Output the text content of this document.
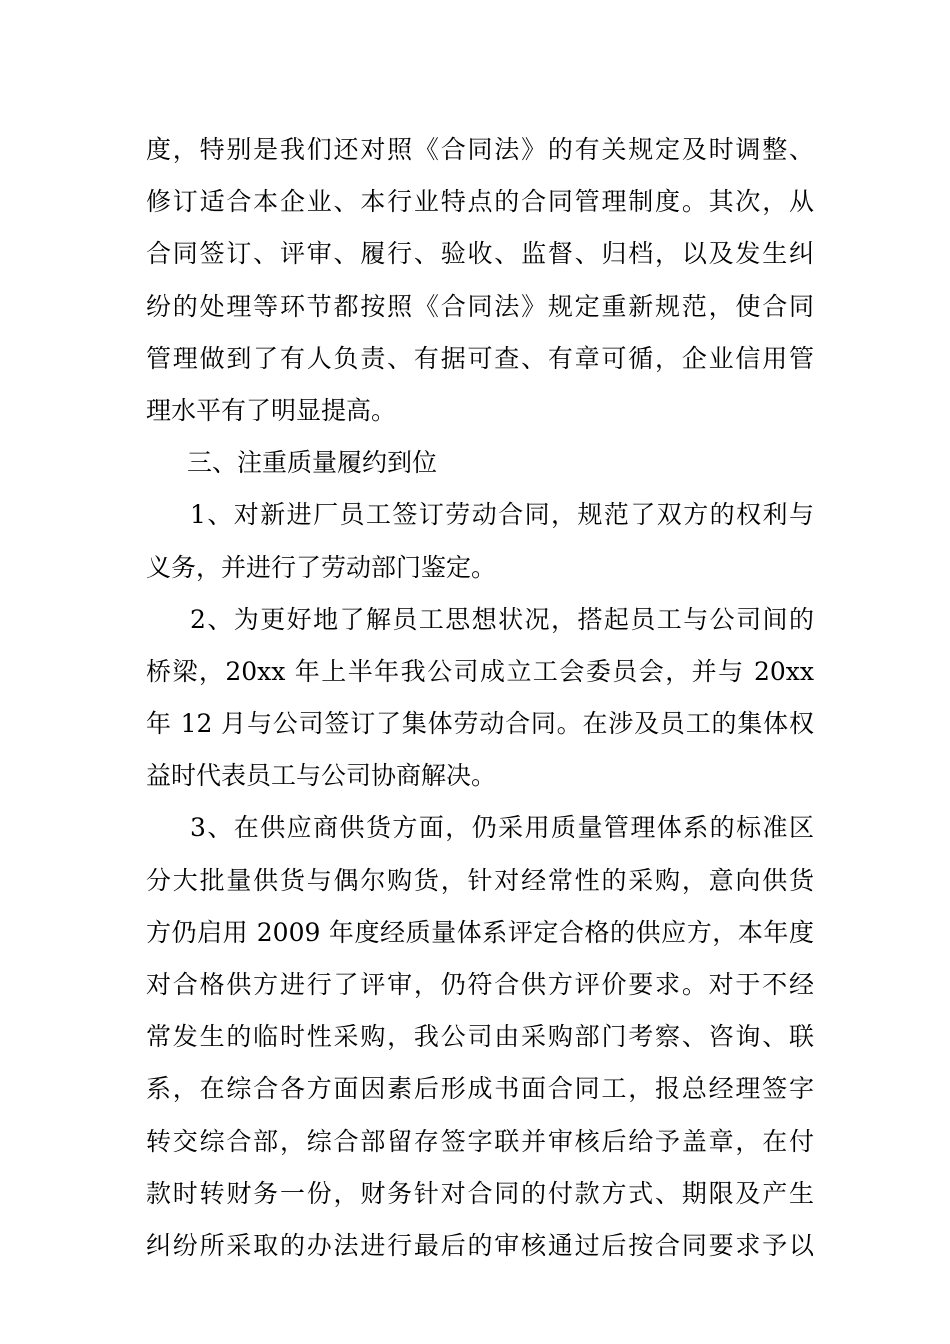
度，特别是我们还对照《合同法》的有关规定及时调整、
修订适合本企业、本行业特点的合同管理制度。其次，从
合同签订、评审、履行、验收、监督、归档，以及发生纠
纷的处理等环节都按照《合同法》规定重新规范，使合同
管理做到了有人负责、有据可查、有章可循，企业信用管
理水平有了明显提高。
三、注重质量履约到位
1、对新进厂员工签订劳动合同，规范了双方的权利与
义务，并进行了劳动部门鉴定。
2、为更好地了解员工思想状况，搭起员工与公司间的
桥梁，20xx 年上半年我公司成立工会委员会，并与 20xx
年 12 月与公司签订了集体劳动合同。在涉及员工的集体权
益时代表员工与公司协商解决。
3、在供应商供货方面，仍采用质量管理体系的标准区
分大批量供货与偶尔购货，针对经常性的采购，意向供货
方仍启用 2009 年度经质量体系评定合格的供应方，本年度
对合格供方进行了评审，仍符合供方评价要求。对于不经
常发生的临时性采购，我公司由采购部门考察、咨询、联
系，在综合各方面因素后形成书面合同工，报总经理签字
转交综合部，综合部留存签字联并审核后给予盖章，在付
款时转财务一份，财务针对合同的付款方式、期限及产生
纠纷所采取的办法进行最后的审核通过后按合同要求予以
